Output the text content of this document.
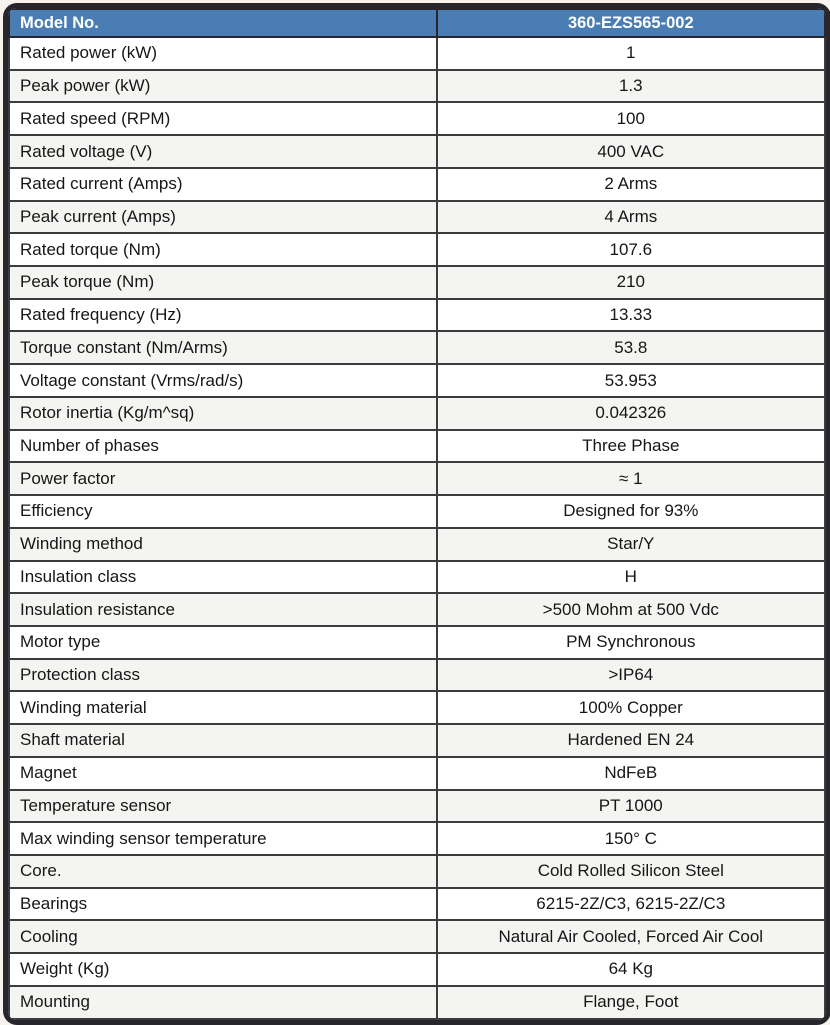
Model No.	360-EZS565-002
Rated power (kW)	1
Peak power (kW)	1.3
Rated speed (RPM)	100
Rated voltage (V)	400 VAC
Rated current (Amps)	2 Arms
Peak current (Amps)	4 Arms
Rated torque (Nm)	107.6
Peak torque (Nm)	210
Rated frequency (Hz)	13.33
Torque constant (Nm/Arms)	53.8
Voltage constant (Vrms/rad/s)	53.953
Rotor inertia (Kg/m^sq)	0.042326
Number of phases	Three Phase
Power factor	≈ 1
Efficiency	Designed for 93%
Winding method	Star/Y
Insulation class	H
Insulation resistance	>500 Mohm at 500 Vdc
Motor type	PM Synchronous
Protection class	>IP64
Winding material	100% Copper
Shaft material	Hardened EN 24
Magnet	NdFeB
Temperature sensor	PT 1000
Max winding sensor temperature	150° C
Core.	Cold Rolled Silicon Steel
Bearings	6215-2Z/C3, 6215-2Z/C3
Cooling	Natural Air Cooled, Forced Air Cool
Weight (Kg)	64 Kg
Mounting	Flange, Foot
